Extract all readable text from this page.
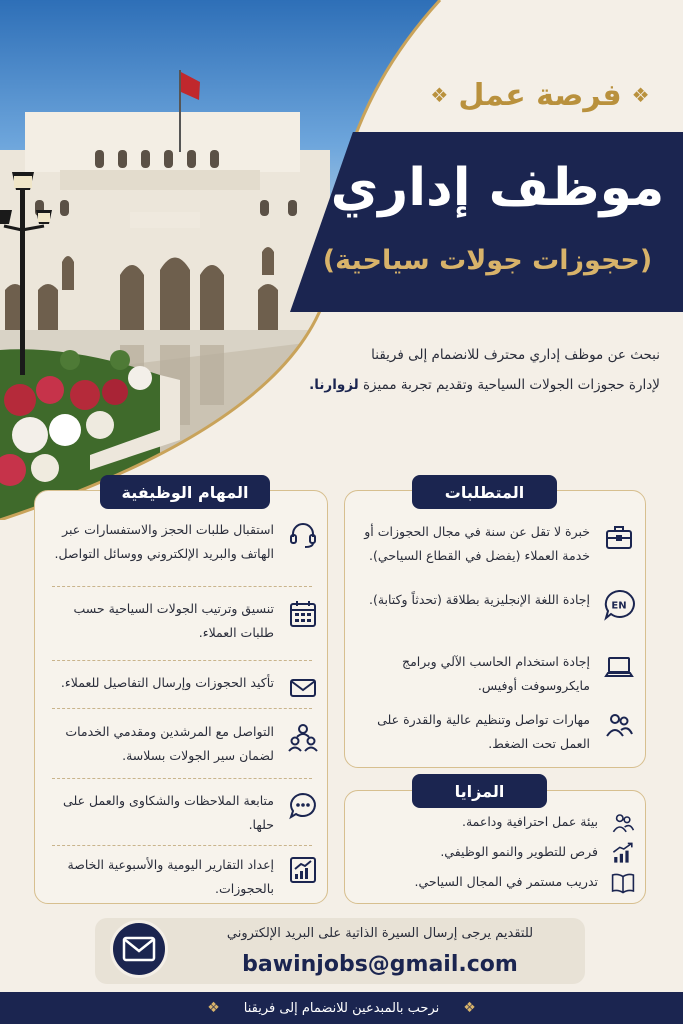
❖
فرصة عمل
❖
موظف إداري
(حجوزات جولات سياحية)
نبحث عن موظف إداري محترف للانضمام إلى فريقنا
لإدارة حجوزات الجولات السياحية وتقديم تجربة مميزة لزوارنا.
المهام الوظيفية
استقبال طلبات الحجز والاستفسارات عبر الهاتف والبريد الإلكتروني ووسائل التواصل.
تنسيق وترتيب الجولات السياحية حسب طلبات العملاء.
تأكيد الحجوزات وإرسال التفاصيل للعملاء.
التواصل مع المرشدين ومقدمي الخدمات لضمان سير الجولات بسلاسة.
متابعة الملاحظات والشكاوى والعمل على حلها.
إعداد التقارير اليومية والأسبوعية الخاصة بالحجوزات.
المتطلبات
خبرة لا تقل عن سنة في مجال الحجوزات أو خدمة العملاء (يفضل في القطاع السياحي).
EN
إجادة اللغة الإنجليزية بطلاقة (تحدثاً وكتابة).
إجادة استخدام الحاسب الآلي وبرامج مايكروسوفت أوفيس.
مهارات تواصل وتنظيم عالية والقدرة على العمل تحت الضغط.
المزايا
بيئة عمل احترافية وداعمة.
فرص للتطوير والنمو الوظيفي.
تدريب مستمر في المجال السياحي.
للتقديم يرجى إرسال السيرة الذاتية على البريد الإلكتروني
bawinjobs@gmail.com
❖
نرحب بالمبدعين للانضمام إلى فريقنا
❖
